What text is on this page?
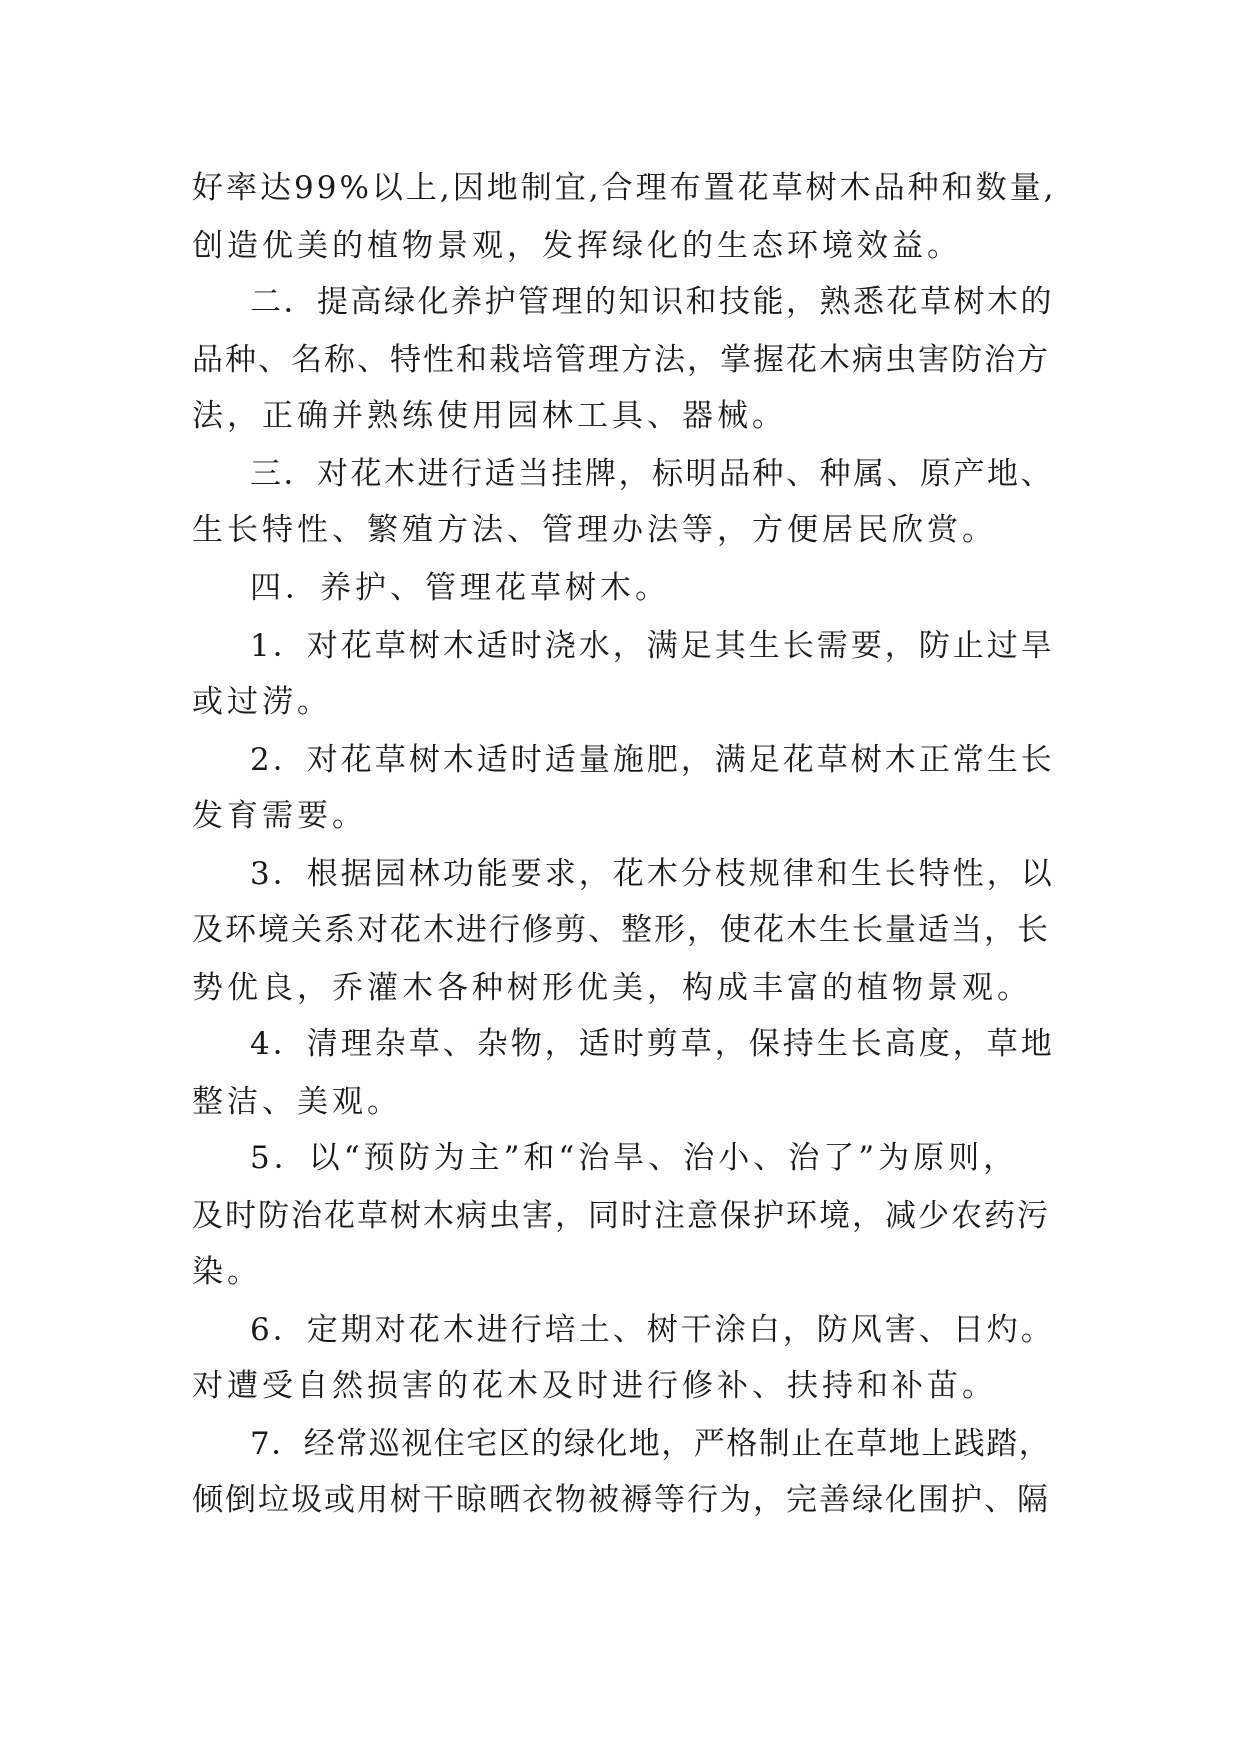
好率达99%以上,因地制宜,合理布置花草树木品种和数量,
创造优美的植物景观，发挥绿化的生态环境效益。
二．提高绿化养护管理的知识和技能，熟悉花草树木的
品种、名称、特性和栽培管理方法，掌握花木病虫害防治方
法，正确并熟练使用园林工具、器械。
三．对花木进行适当挂牌，标明品种、种属、原产地、
生长特性、繁殖方法、管理办法等，方便居民欣赏。
四．养护、管理花草树木。
1．对花草树木适时浇水，满足其生长需要，防止过旱
或过涝。
2．对花草树木适时适量施肥，满足花草树木正常生长
发育需要。
3．根据园林功能要求，花木分枝规律和生长特性，以
及环境关系对花木进行修剪、整形，使花木生长量适当，长
势优良，乔灌木各种树形优美，构成丰富的植物景观。
4．清理杂草、杂物，适时剪草，保持生长高度，草地
整洁、美观。
5．以“预防为主”和“治旱、治小、治了”为原则，
及时防治花草树木病虫害，同时注意保护环境，减少农药污
染。
6．定期对花木进行培土、树干涂白，防风害、日灼。
对遭受自然损害的花木及时进行修补、扶持和补苗。
7．经常巡视住宅区的绿化地，严格制止在草地上践踏，
倾倒垃圾或用树干晾晒衣物被褥等行为，完善绿化围护、隔
